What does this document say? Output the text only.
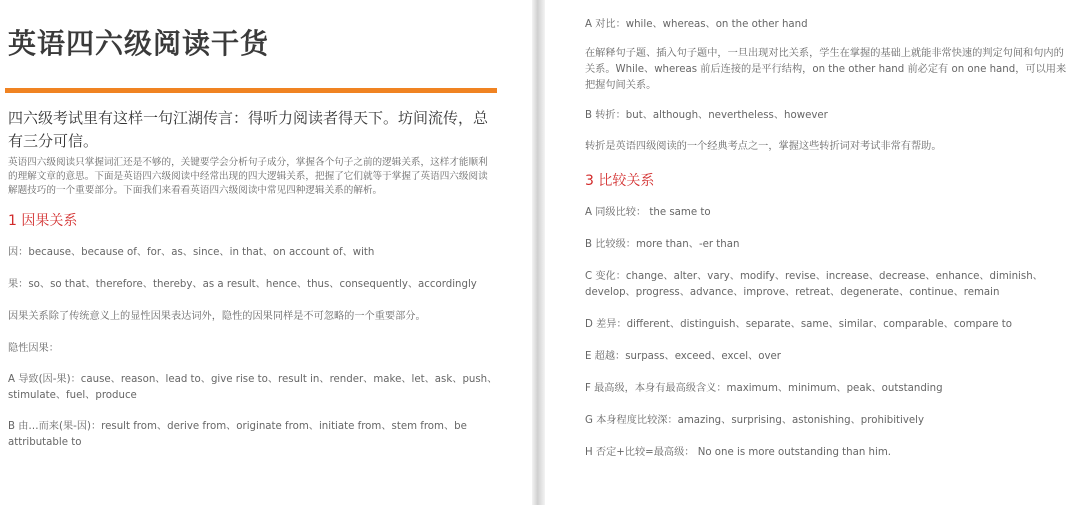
英语四六级阅读干货

四六级考试里有这样一句江湖传言：得听力阅读者得天下。坊间流传，总有三分可信。

英语四六级阅读只掌握词汇还是不够的，关键要学会分析句子成分，掌握各个句子之前的逻辑关系，这样才能顺利的理解文章的意思。下面是英语四六级阅读中经常出现的四大逻辑关系，把握了它们就等于掌握了英语四六级阅读解题技巧的一个重要部分。下面我们来看看英语四六级阅读中常见四种逻辑关系的解析。

1 因果关系

因：because、because of、for、as、since、in that、on account of、with

果：so、so that、therefore、thereby、as a result、hence、thus、consequently、accordingly

因果关系除了传统意义上的显性因果表达词外，隐性的因果同样是不可忽略的一个重要部分。

隐性因果：

A 导致(因-果)：cause、reason、lead to、give rise to、result in、render、make、let、ask、push、stimulate、fuel、produce

B 由…而来(果-因)：result from、derive from、originate from、initiate from、stem from、be attributable to

A 对比：while、whereas、on the other hand

在解释句子题、插入句子题中，一旦出现对比关系，学生在掌握的基础上就能非常快速的判定句间和句内的关系。While、whereas 前后连接的是平行结构，on the other hand 前必定有 on one hand，可以用来把握句间关系。

B 转折：but、although、nevertheless、however

转折是英语四级阅读的一个经典考点之一，掌握这些转折词对考试非常有帮助。

3 比较关系

A 同级比较： the same to

B 比较级：more than、-er than

C 变化：change、alter、vary、modify、revise、increase、decrease、enhance、diminish、develop、progress、advance、improve、retreat、degenerate、continue、remain

D 差异：different、distinguish、separate、same、similar、comparable、compare to

E 超越：surpass、exceed、excel、over

F 最高级，本身有最高级含义：maximum、minimum、peak、outstanding

G 本身程度比较深：amazing、surprising、astonishing、prohibitively

H 否定+比较=最高级： No one is more outstanding than him.
